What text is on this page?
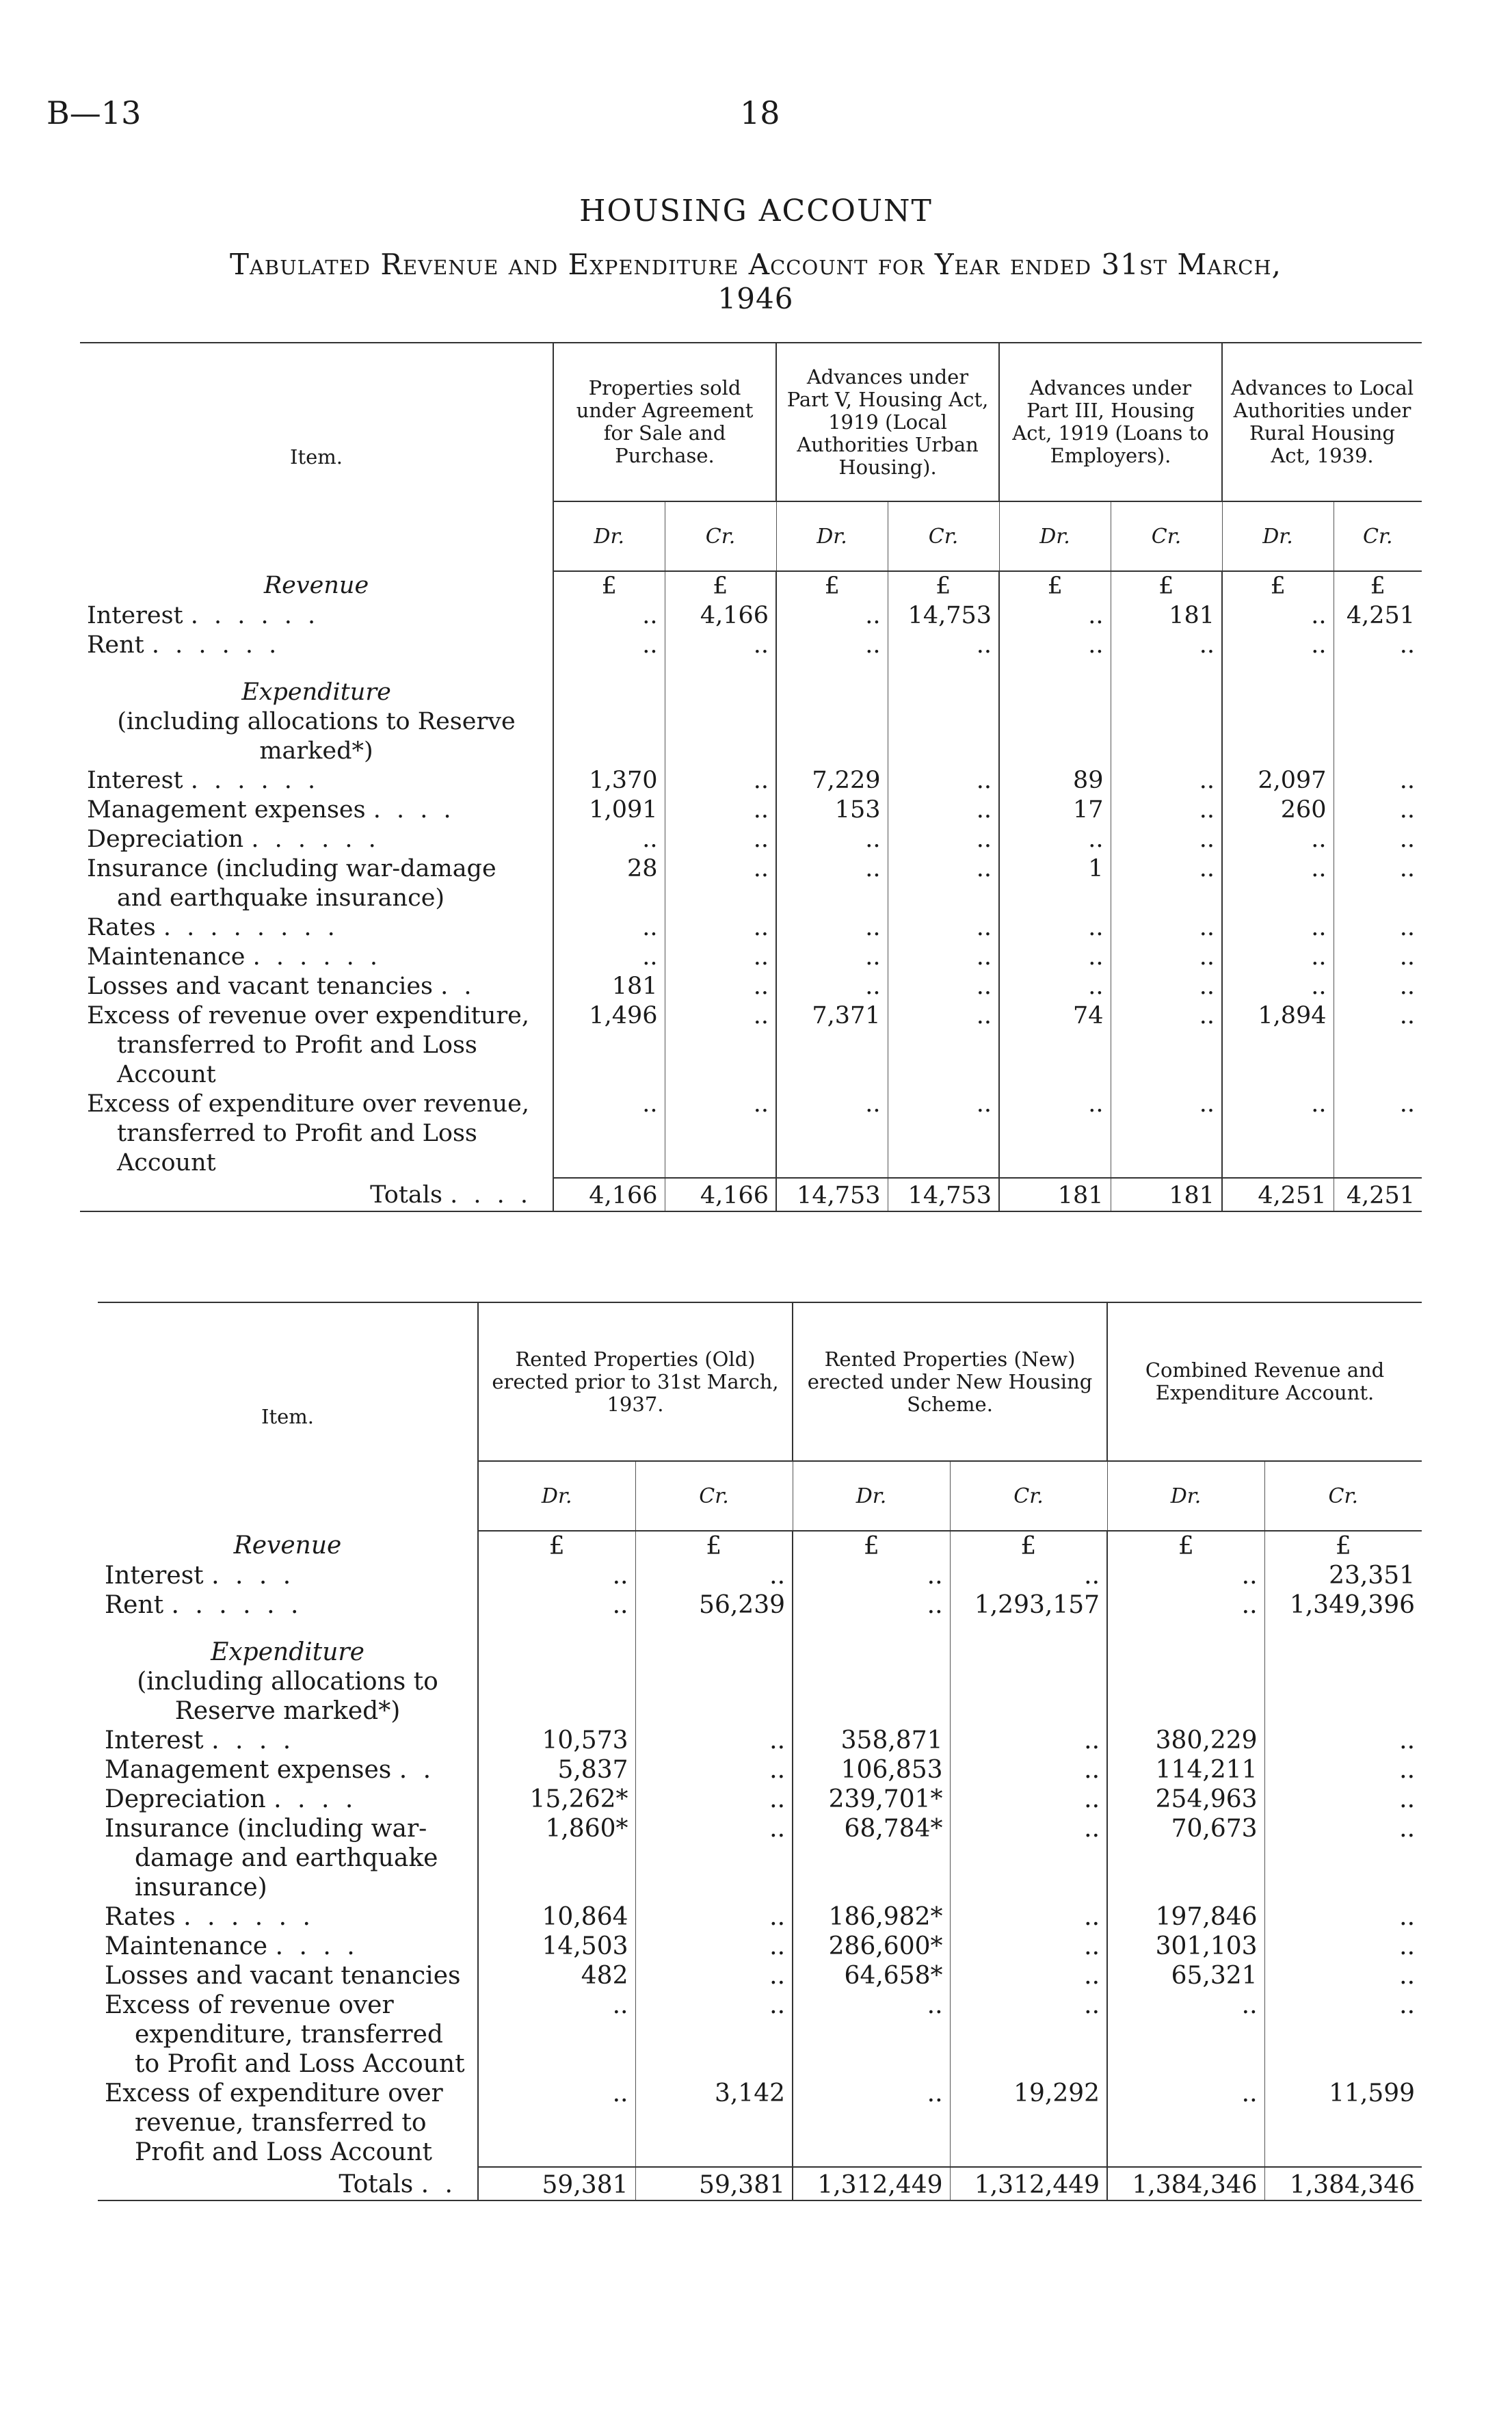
B—13	18
HOUSING ACCOUNT
Tabulated Revenue and Expenditure Account for Year ended 31st March,
1946
Item.	Properties sold under Agreement for Sale and Purchase.		Advances under Part V, Housing Act, 1919 (Local Authorities Urban Housing).		Advances under Part III, Housing Act, 1919 (Loans to Employers).		Advances to Local Authorities under Rural Housing Act, 1939.	
	Dr.	Cr.	Dr.	Cr.	Dr.	Cr.	Dr.	Cr.
Revenue	£	£	£	£	£	£	£	£
Interest . . . . . .	..	4,166	..	14,753	..	181	..	4,251
Rent . . . . . .	..	..	..	..	..	..	..	..

Expenditure								
(including allocations to Reserve marked*)								
Interest . . . . . .	1,370	..	7,229	..	89	..	2,097	..
Management expenses . . . .	1,091	..	153	..	17	..	260	..
Depreciation . . . . . .	..	..	..	..	..	..	..	..

Insurance (including war-damage and earthquake insurance)	28	..	..	..	1	..	..	..
Rates . . . . . . . .	..	..	..	..	..	..	..	..
Maintenance . . . . . .	..	..	..	..	..	..	..	..
Losses and vacant tenancies . .	181	..	..	..	..	..	..	..

Excess of revenue over expenditure, transferred to Profit and Loss Account	1,496	..	7,371	..	74	..	1,894	..

Excess of expenditure over revenue, transferred to Profit and Loss Account	..	..	..	..	..	..	..	..
Totals . . . .	4,166	4,166	14,753	14,753	181	181	4,251	4,251
Item.	Rented Properties (Old) erected prior to 31st March, 1937.		Rented Properties (New) erected under New Housing Scheme.		Combined Revenue and Expenditure Account.	
	Dr.	Cr.	Dr.	Cr.	Dr.	Cr.
Revenue	£	£	£	£	£	£
Interest . . . .	..	..	..	..	..	23,351
Rent . . . . . .	..	56,239	..	1,293,157	..	1,349,396

Expenditure						
(including allocations to Reserve marked*)						
Interest . . . .	10,573	..	358,871	..	380,229	..
Management expenses . .	5,837	..	106,853	..	114,211	..
Depreciation . . . .	15,262*	..	239,701*	..	254,963	..

Insurance (including war-damage and earthquake insurance)	1,860*	..	68,784*	..	70,673	..
Rates . . . . . .	10,864	..	186,982*	..	197,846	..
Maintenance . . . .	14,503	..	286,600*	..	301,103	..

Losses and vacant tenancies	482	..	64,658*	..	65,321	..

Excess of revenue over expenditure, transferred to Profit and Loss Account	..	..	..	..	..	..

Excess of expenditure over revenue, transferred to Profit and Loss Account	..	3,142	..	19,292	..	11,599
Totals . .	59,381	59,381	1,312,449	1,312,449	1,384,346	1,384,346
